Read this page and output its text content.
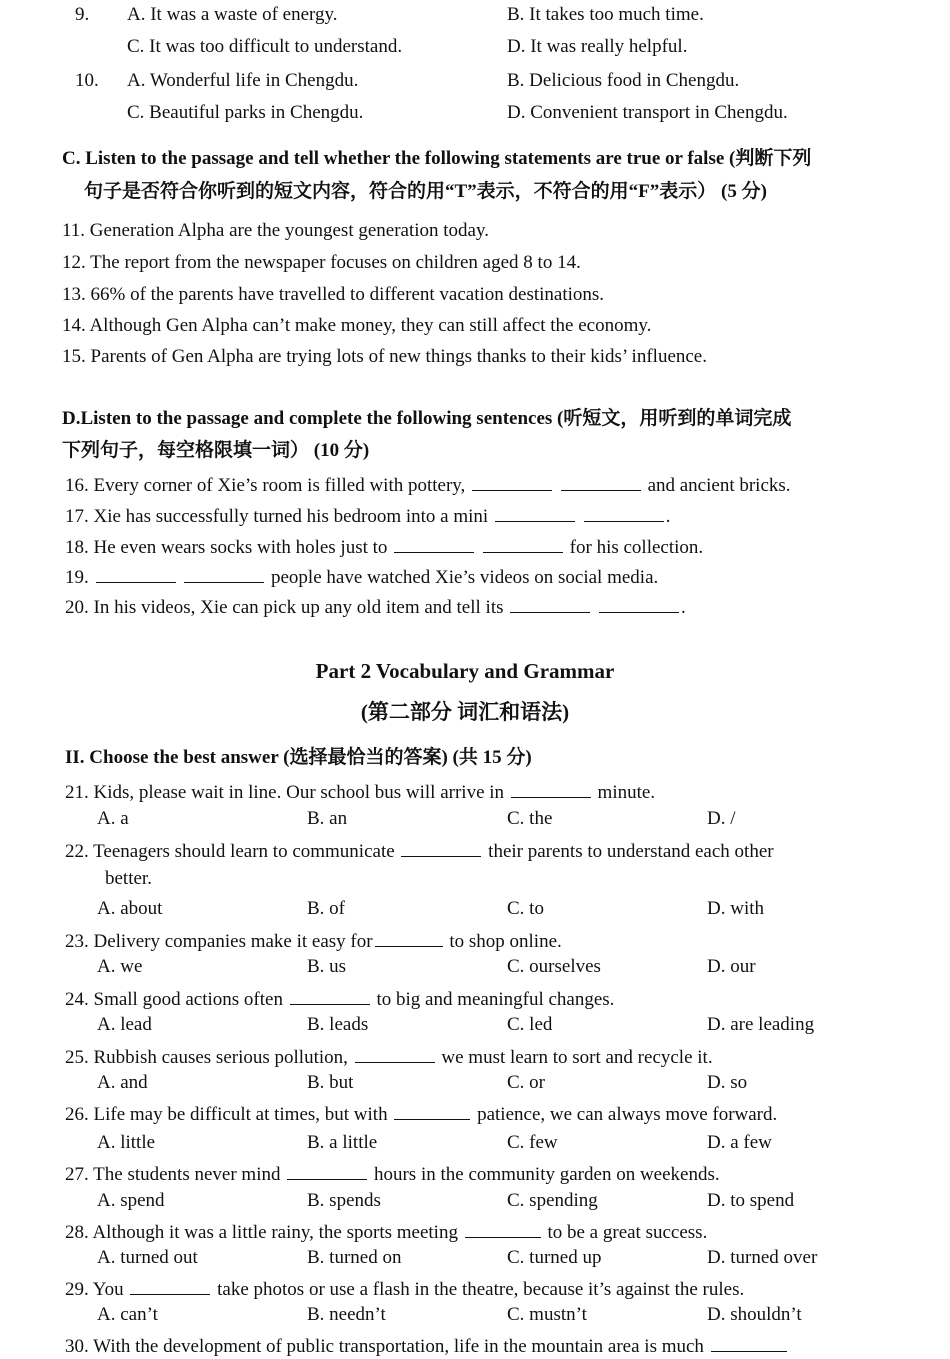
9. A. It was a waste of energy.	B. It takes too much time.
C. It was too difficult to understand.	D. It was really helpful.
10. A. Wonderful life in Chengdu.	B. Delicious food in Chengdu.
C. Beautiful parks in Chengdu.	D. Convenient transport in Chengdu.
C. Listen to the passage and tell whether the following statements are true or false (判断下列
句子是否符合你听到的短文内容，符合的用“T”表示，不符合的用“F”表示） (5 分)
11. Generation Alpha are the youngest generation today.
12. The report from the newspaper focuses on children aged 8 to 14.
13. 66% of the parents have travelled to different vacation destinations.
14. Although Gen Alpha can’t make money, they can still affect the economy.
15. Parents of Gen Alpha are trying lots of new things thanks to their kids’ influence.
D.Listen to the passage and complete the following sentences (听短文，用听到的单词完成
下列句子，每空格限填一词） (10 分)
16. Every corner of Xie’s room is filled with pottery,	and ancient bricks.
17. Xie has successfully turned his bedroom into a mini	.
18. He even wears socks with holes just to	for his collection.
19.	people have watched Xie’s videos on social media.
20. In his videos, Xie can pick up any old item and tell its	.
Part 2 Vocabulary and Grammar
(第二部分 词汇和语法)
II. Choose the best answer (选择最恰当的答案) (共 15 分)
21. Kids, please wait in line. Our school bus will arrive in	minute.
A. a	B. an	C. the	D. /
22. Teenagers should learn to communicate	their parents to understand each other
better.
A. about	B. of	C. to	D. with
23. Delivery companies make it easy for	to shop online.
A. we	B. us	C. ourselves	D. our
24. Small good actions often	to big and meaningful changes.
A. lead	B. leads	C. led	D. are leading
25. Rubbish causes serious pollution,	we must learn to sort and recycle it.
A. and	B. but	C. or	D. so
26. Life may be difficult at times, but with	patience, we can always move forward.
A. little	B. a little	C. few	D. a few
27. The students never mind	hours in the community garden on weekends.
A. spend	B. spends	C. spending	D. to spend
28. Although it was a little rainy, the sports meeting	to be a great success.
A. turned out	B. turned on	C. turned up	D. turned over
29. You	take photos or use a flash in the theatre, because it’s against the rules.
A. can’t	B. needn’t	C. mustn’t	D. shouldn’t
30. With the development of public transportation, life in the mountain area is much
